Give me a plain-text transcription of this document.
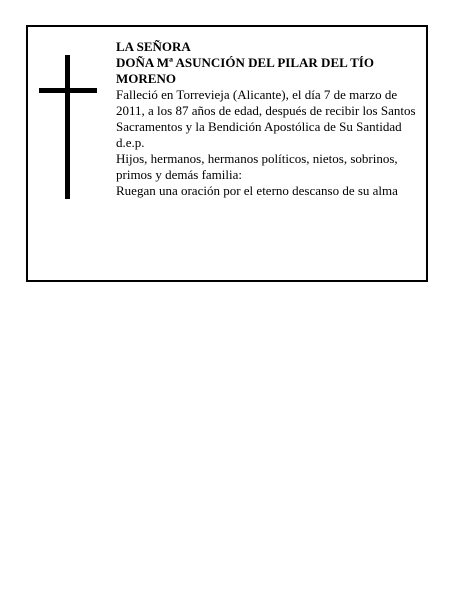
LA SEÑORA
DOÑA Mª ASUNCIÓN DEL PILAR DEL TÍO MORENO
Falleció en Torrevieja (Alicante), el día 7 de marzo de 2011, a los 87 años de edad, después de recibir los Santos Sacramentos y la Bendición Apostólica de Su Santidad
d.e.p.
Hijos, hermanos, hermanos políticos, nietos, sobrinos, primos y demás familia:
Ruegan una oración por el eterno descanso de su alma
